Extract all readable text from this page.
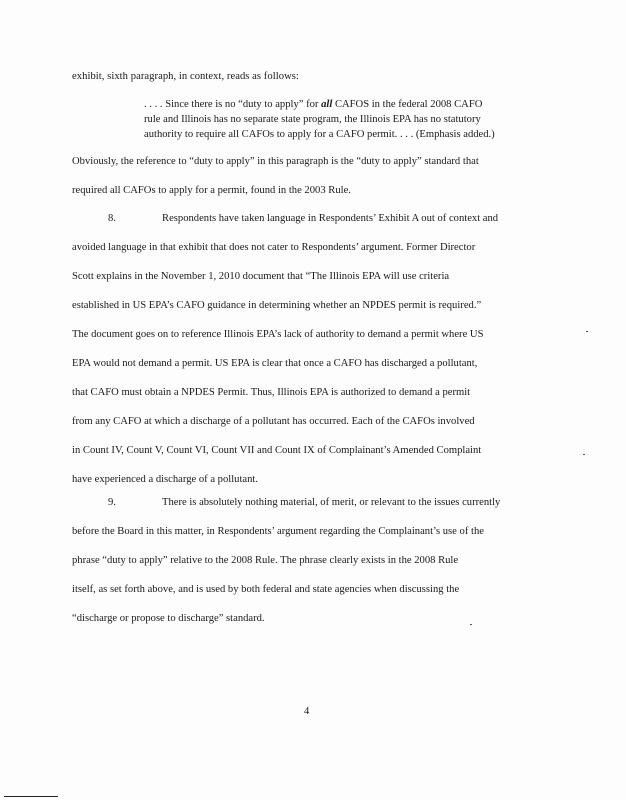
exhibit, sixth paragraph, in context, reads as follows:
. . . . Since there is no “duty to apply” for all CAFOS in the federal 2008 CAFO
rule and Illinois has no separate state program, the Illinois EPA has no statutory
authority to require all CAFOs to apply for a CAFO permit. . . . (Emphasis added.)
Obviously, the reference to “duty to apply” in this paragraph is the “duty to apply” standard that
required all CAFOs to apply for a permit, found in the 2003 Rule.
8.	Respondents have taken language in Respondents’ Exhibit A out of context and
avoided language in that exhibit that does not cater to Respondents’ argument. Former Director
Scott explains in the November 1, 2010 document that “The Illinois EPA will use criteria
established in US EPA’s CAFO guidance in determining whether an NPDES permit is required.”
The document goes on to reference Illinois EPA’s lack of authority to demand a permit where US
EPA would not demand a permit. US EPA is clear that once a CAFO has discharged a pollutant,
that CAFO must obtain a NPDES Permit. Thus, Illinois EPA is authorized to demand a permit
from any CAFO at which a discharge of a pollutant has occurred. Each of the CAFOs involved
in Count IV, Count V, Count VI, Count VII and Count IX of Complainant’s Amended Complaint
have experienced a discharge of a pollutant.
9.	There is absolutely nothing material, of merit, or relevant to the issues currently
before the Board in this matter, in Respondents’ argument regarding the Complainant’s use of the
phrase “duty to apply” relative to the 2008 Rule. The phrase clearly exists in the 2008 Rule
itself, as set forth above, and is used by both federal and state agencies when discussing the
“discharge or propose to discharge” standard.
4
